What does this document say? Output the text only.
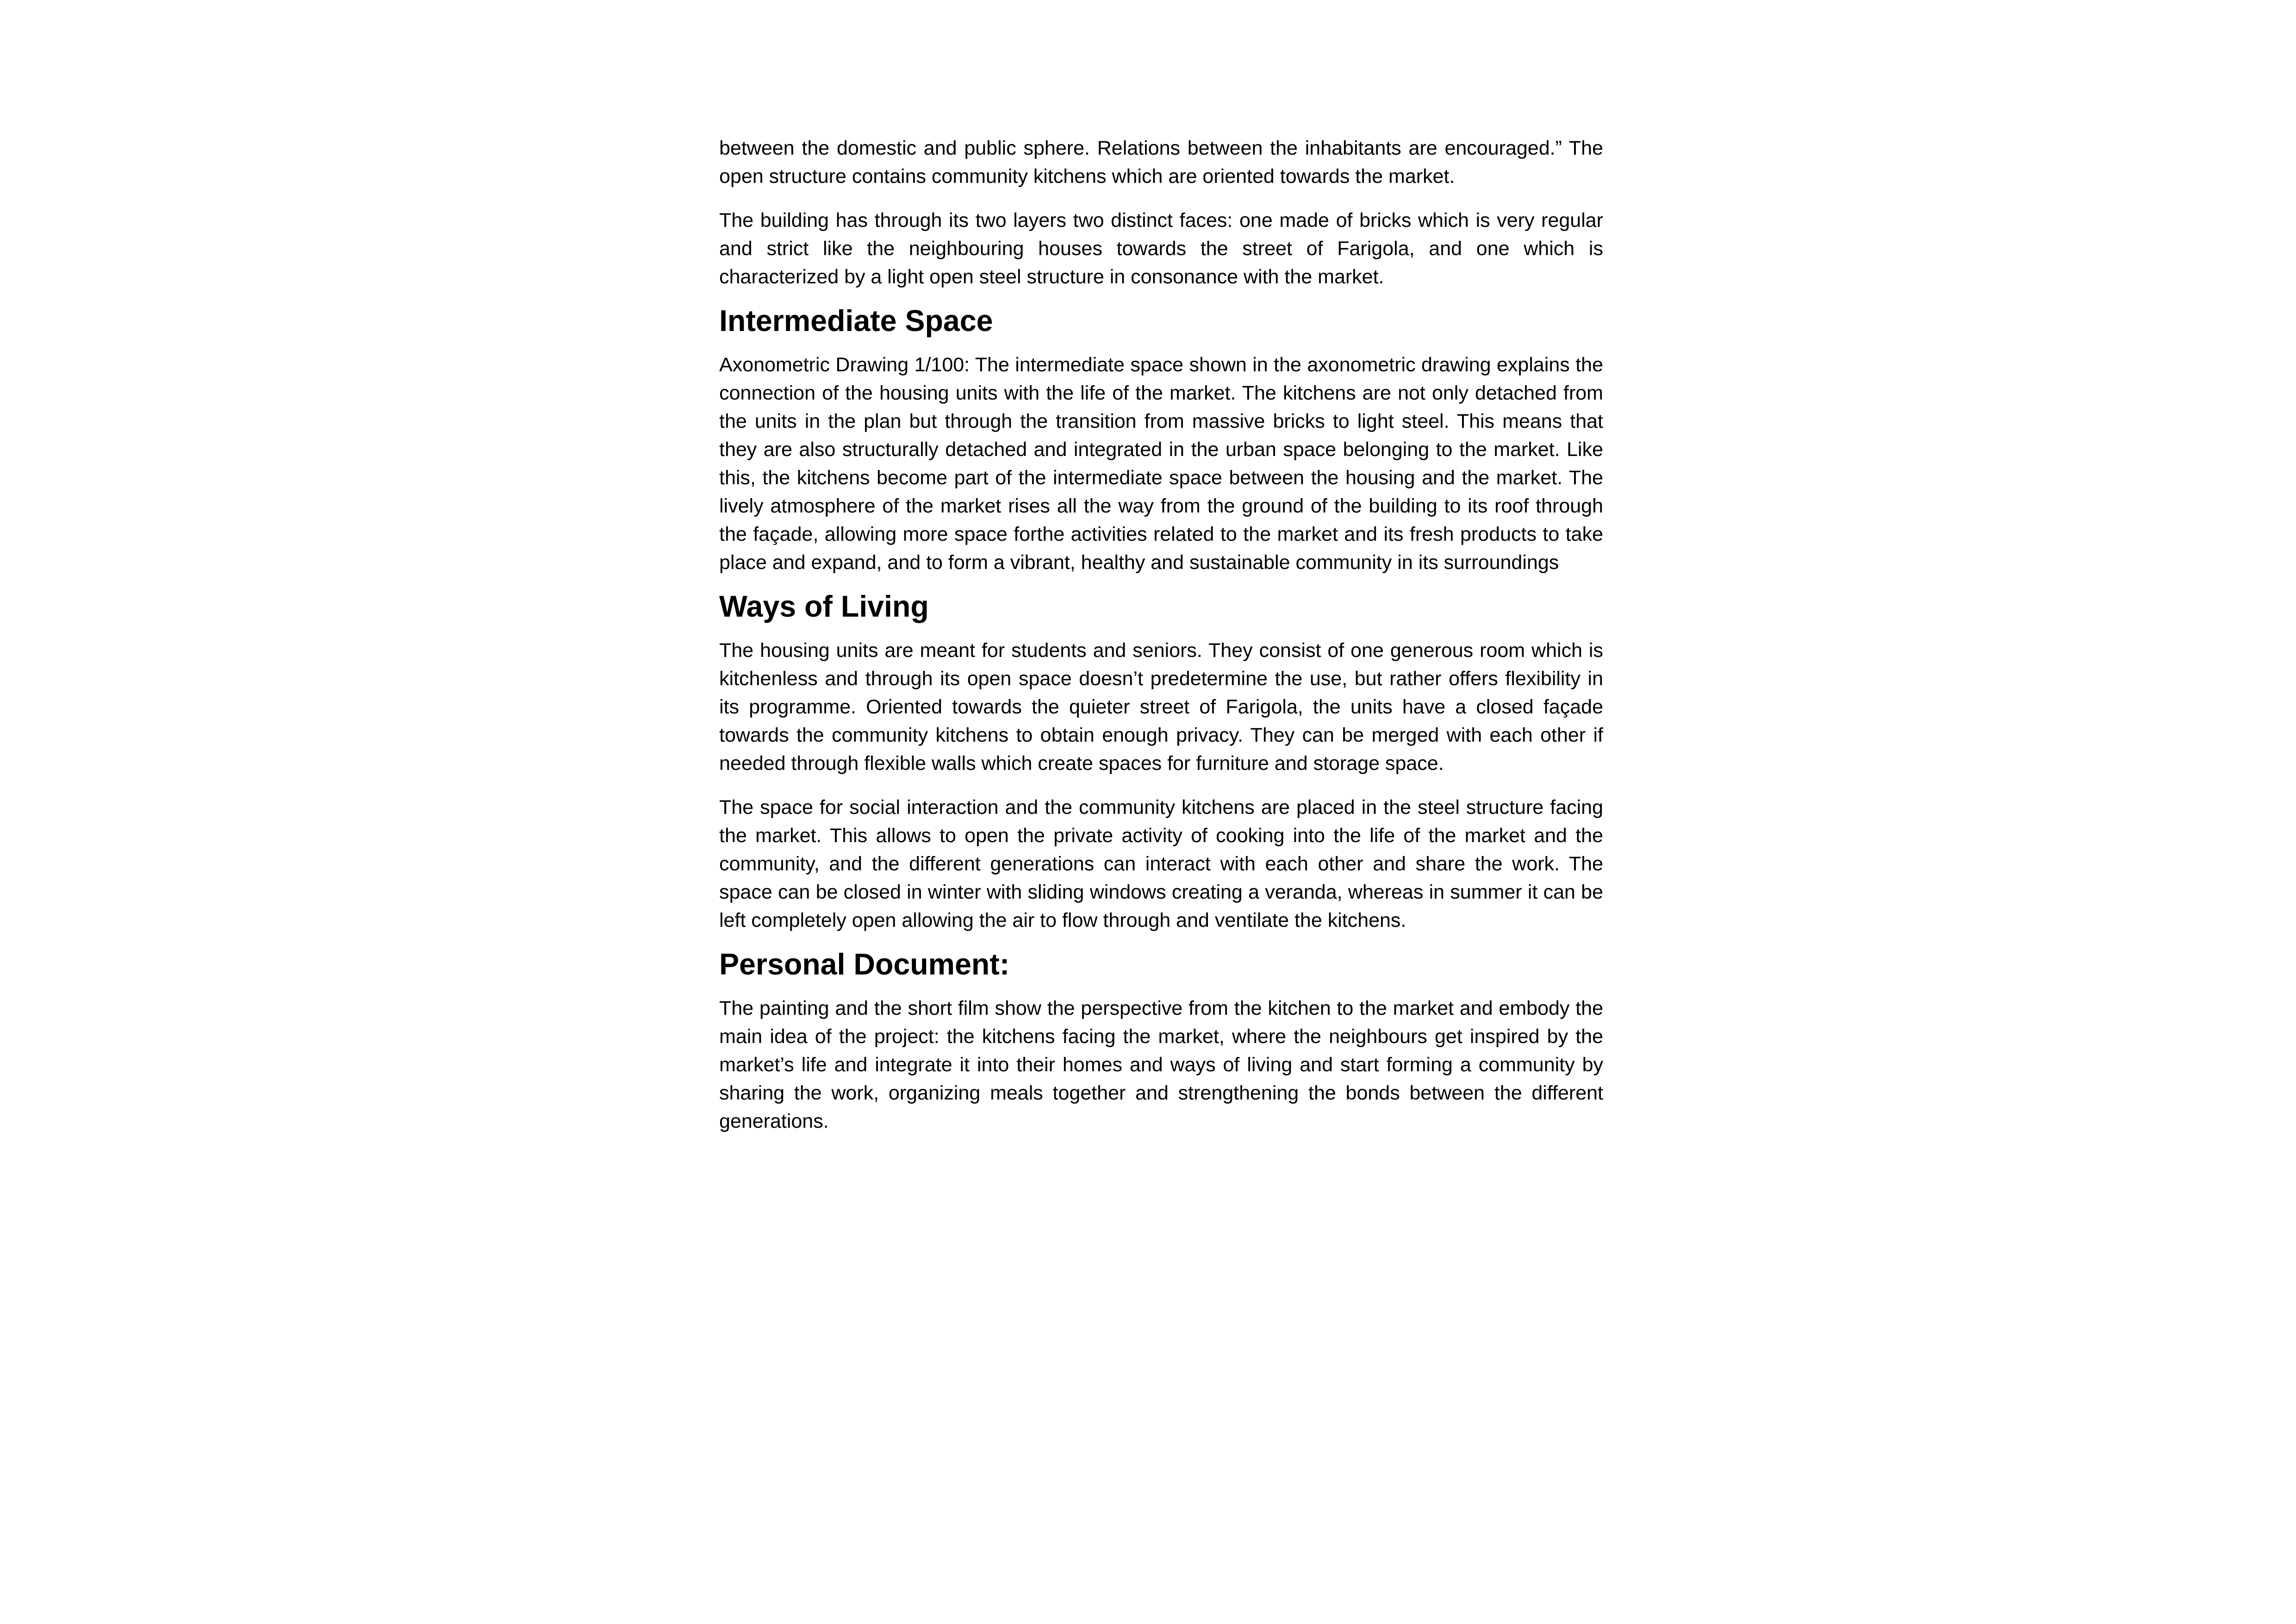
between the domestic and public sphere. Relations between the inhabitants are encouraged.” The open structure contains community kitchens which are oriented towards the market.

The building has through its two layers two distinct faces: one made of bricks which is very regular and strict like the neighbouring houses towards the street of Farigola, and one which is characterized by a light open steel structure in consonance with the market.

Intermediate Space

Axonometric Drawing 1/100: The intermediate space shown in the axonometric drawing explains the connection of the housing units with the life of the market. The kitchens are not only detached from the units in the plan but through the transition from massive bricks to light steel. This means that they are also structurally detached and integrated in the urban space belonging to the market. Like this, the kitchens become part of the intermediate space between the housing and the market. The lively atmosphere of the market rises all the way from the ground of the building to its roof through the façade, allowing more space forthe activities related to the market and its fresh products to take place and expand, and to form a vibrant, healthy and sustainable community in its surroundings

Ways of Living

The housing units are meant for students and seniors. They consist of one generous room which is kitchenless and through its open space doesn’t predetermine the use, but rather offers flexibility in its programme. Oriented towards the quieter street of Farigola, the units have a closed façade towards the community kitchens to obtain enough privacy. They can be merged with each other if needed through flexible walls which create spaces for furniture and storage space.

The space for social interaction and the community kitchens are placed in the steel structure facing the market. This allows to open the private activity of cooking into the life of the market and the community, and the different generations can interact with each other and share the work. The space can be closed in winter with sliding windows creating a veranda, whereas in summer it can be left completely open allowing the air to flow through and ventilate the kitchens.

Personal Document:

The painting and the short film show the perspective from the kitchen to the market and embody the main idea of the project: the kitchens facing the market, where the neighbours get inspired by the market’s life and integrate it into their homes and ways of living and start forming a community by sharing the work, organizing meals together and strengthening the bonds between the different generations.
